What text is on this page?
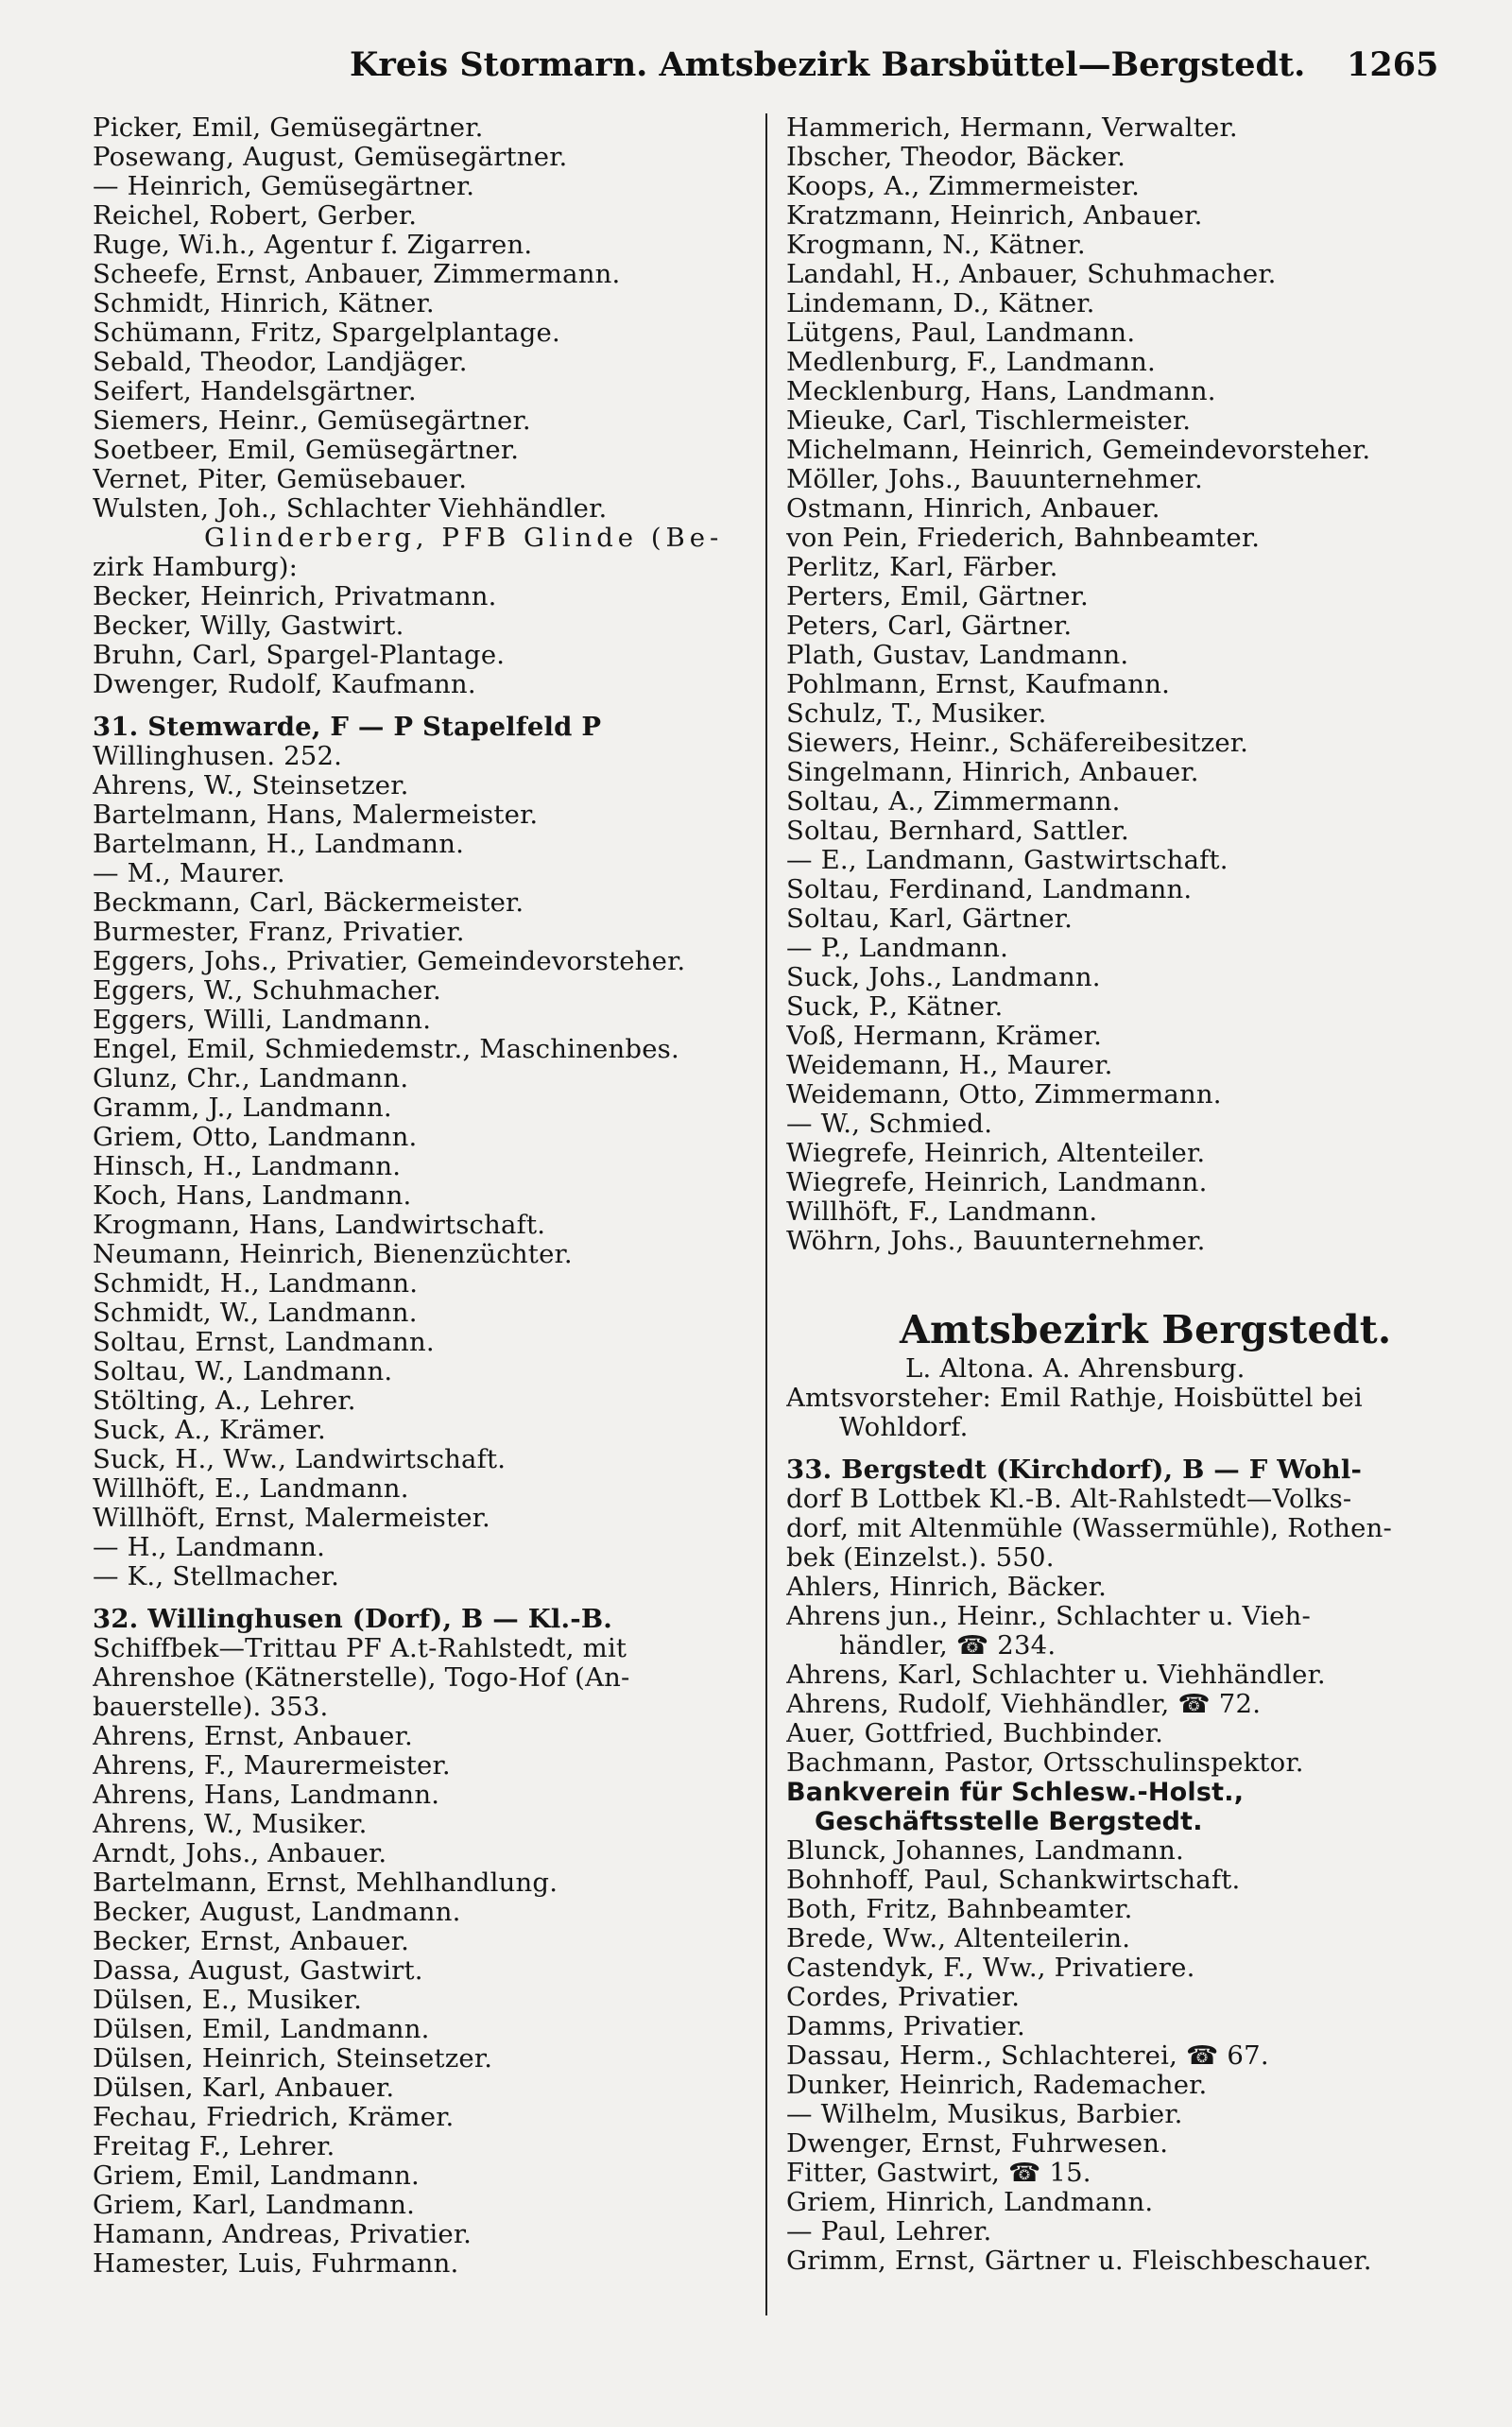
Kreis Stormarn. Amtsbezirk Barsbüttel—Bergstedt. 1265
Picker, Emil, Gemüsegärtner.
Posewang, August, Gemüsegärtner.
— Heinrich, Gemüsegärtner.
Reichel, Robert, Gerber.
Ruge, Wi.h., Agentur f. Zigarren.
Scheefe, Ernst, Anbauer, Zimmermann.
Schmidt, Hinrich, Kätner.
Schümann, Fritz, Spargelplantage.
Sebald, Theodor, Landjäger.
Seifert, Handelsgärtner.
Siemers, Heinr., Gemüsegärtner.
Soetbeer, Emil, Gemüsegärtner.
Vernet, Piter, Gemüsebauer.
Wulsten, Joh., Schlachter Viehhändler.
Glinderberg, PFB Glinde (Be-
zirk Hamburg):
Becker, Heinrich, Privatmann.
Becker, Willy, Gastwirt.
Bruhn, Carl, Spargel-Plantage.
Dwenger, Rudolf, Kaufmann.
31. Stemwarde, F — P Stapelfeld P
Willinghusen. 252.
Ahrens, W., Steinsetzer.
Bartelmann, Hans, Malermeister.
Bartelmann, H., Landmann.
— M., Maurer.
Beckmann, Carl, Bäckermeister.
Burmester, Franz, Privatier.
Eggers, Johs., Privatier, Gemeindevorsteher.
Eggers, W., Schuhmacher.
Eggers, Willi, Landmann.
Engel, Emil, Schmiedemstr., Maschinenbes.
Glunz, Chr., Landmann.
Gramm, J., Landmann.
Griem, Otto, Landmann.
Hinsch, H., Landmann.
Koch, Hans, Landmann.
Krogmann, Hans, Landwirtschaft.
Neumann, Heinrich, Bienenzüchter.
Schmidt, H., Landmann.
Schmidt, W., Landmann.
Soltau, Ernst, Landmann.
Soltau, W., Landmann.
Stölting, A., Lehrer.
Suck, A., Krämer.
Suck, H., Ww., Landwirtschaft.
Willhöft, E., Landmann.
Willhöft, Ernst, Malermeister.
— H., Landmann.
— K., Stellmacher.
32. Willinghusen (Dorf), B — Kl.-B.
Schiffbek—Trittau PF A.t-Rahlstedt, mit
Ahrenshoe (Kätnerstelle), Togo-Hof (An-
bauerstelle). 353.
Ahrens, Ernst, Anbauer.
Ahrens, F., Maurermeister.
Ahrens, Hans, Landmann.
Ahrens, W., Musiker.
Arndt, Johs., Anbauer.
Bartelmann, Ernst, Mehlhandlung.
Becker, August, Landmann.
Becker, Ernst, Anbauer.
Dassa, August, Gastwirt.
Dülsen, E., Musiker.
Dülsen, Emil, Landmann.
Dülsen, Heinrich, Steinsetzer.
Dülsen, Karl, Anbauer.
Fechau, Friedrich, Krämer.
Freitag F., Lehrer.
Griem, Emil, Landmann.
Griem, Karl, Landmann.
Hamann, Andreas, Privatier.
Hamester, Luis, Fuhrmann.
Hammerich, Hermann, Verwalter.
Ibscher, Theodor, Bäcker.
Koops, A., Zimmermeister.
Kratzmann, Heinrich, Anbauer.
Krogmann, N., Kätner.
Landahl, H., Anbauer, Schuhmacher.
Lindemann, D., Kätner.
Lütgens, Paul, Landmann.
Medlenburg, F., Landmann.
Mecklenburg, Hans, Landmann.
Mieuke, Carl, Tischlermeister.
Michelmann, Heinrich, Gemeindevorsteher.
Möller, Johs., Bauunternehmer.
Ostmann, Hinrich, Anbauer.
von Pein, Friederich, Bahnbeamter.
Perlitz, Karl, Färber.
Perters, Emil, Gärtner.
Peters, Carl, Gärtner.
Plath, Gustav, Landmann.
Pohlmann, Ernst, Kaufmann.
Schulz, T., Musiker.
Siewers, Heinr., Schäfereibesitzer.
Singelmann, Hinrich, Anbauer.
Soltau, A., Zimmermann.
Soltau, Bernhard, Sattler.
— E., Landmann, Gastwirtschaft.
Soltau, Ferdinand, Landmann.
Soltau, Karl, Gärtner.
— P., Landmann.
Suck, Johs., Landmann.
Suck, P., Kätner.
Voß, Hermann, Krämer.
Weidemann, H., Maurer.
Weidemann, Otto, Zimmermann.
— W., Schmied.
Wiegrefe, Heinrich, Altenteiler.
Wiegrefe, Heinrich, Landmann.
Willhöft, F., Landmann.
Wöhrn, Johs., Bauunternehmer.
Amtsbezirk Bergstedt.
L. Altona. A. Ahrensburg.
Amtsvorsteher: Emil Rathje, Hoisbüttel bei
Wohldorf.
33. Bergstedt (Kirchdorf), B — F Wohl-
dorf B Lottbek Kl.-B. Alt-Rahlstedt—Volks-
dorf, mit Altenmühle (Wassermühle), Rothen-
bek (Einzelst.). 550.
Ahlers, Hinrich, Bäcker.
Ahrens jun., Heinr., Schlachter u. Vieh-
händler, ☎ 234.
Ahrens, Karl, Schlachter u. Viehhändler.
Ahrens, Rudolf, Viehhändler, ☎ 72.
Auer, Gottfried, Buchbinder.
Bachmann, Pastor, Ortsschulinspektor.
Bankverein für Schlesw.-Holst.,
Geschäftsstelle Bergstedt.
Blunck, Johannes, Landmann.
Bohnhoff, Paul, Schankwirtschaft.
Both, Fritz, Bahnbeamter.
Brede, Ww., Altenteilerin.
Castendyk, F., Ww., Privatiere.
Cordes, Privatier.
Damms, Privatier.
Dassau, Herm., Schlachterei, ☎ 67.
Dunker, Heinrich, Rademacher.
— Wilhelm, Musikus, Barbier.
Dwenger, Ernst, Fuhrwesen.
Fitter, Gastwirt, ☎ 15.
Griem, Hinrich, Landmann.
— Paul, Lehrer.
Grimm, Ernst, Gärtner u. Fleischbeschauer.
